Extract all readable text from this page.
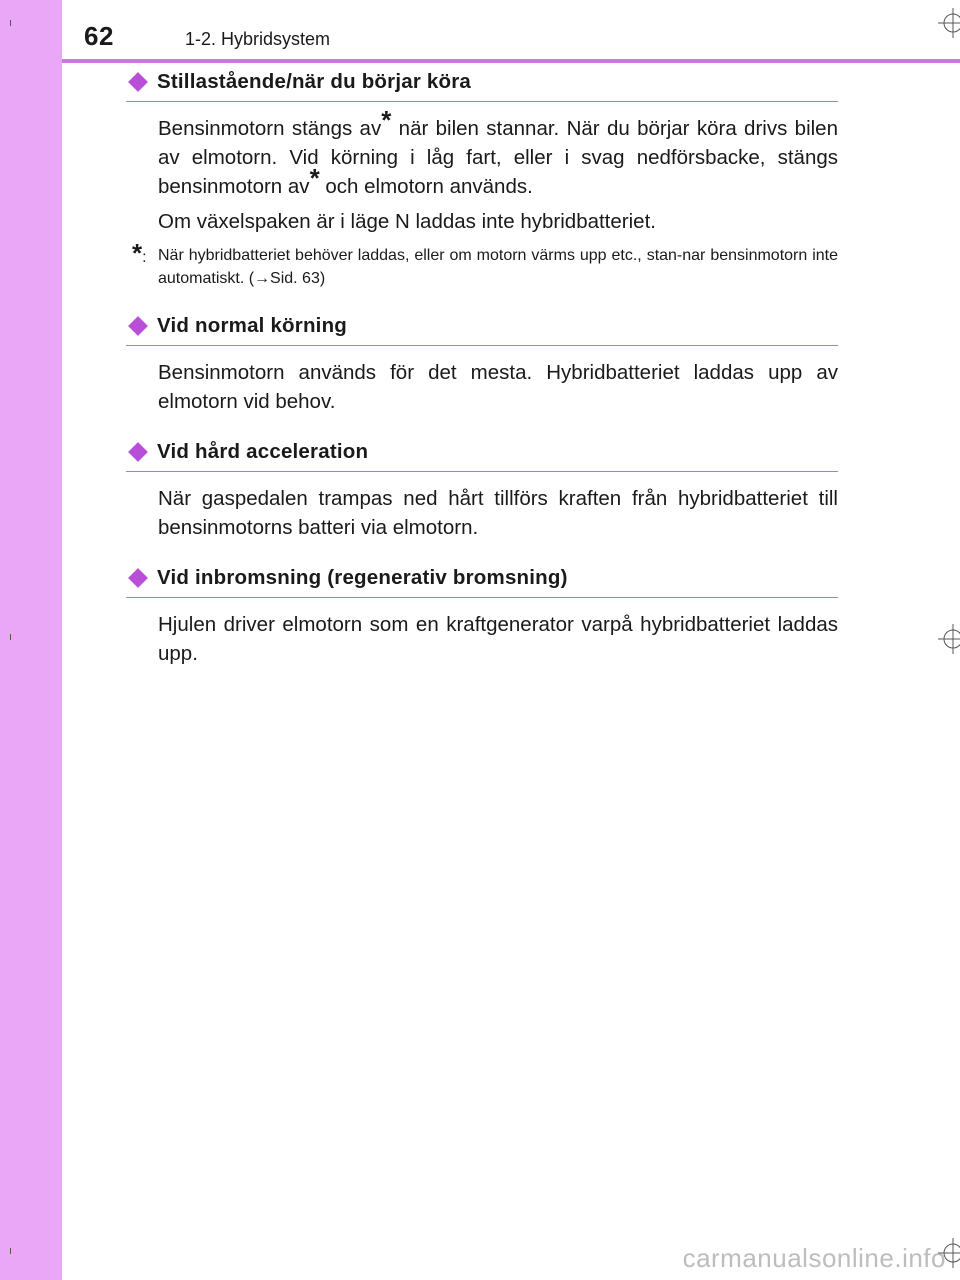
62	1-2. Hybridsystem
Stillastående/när du börjar köra

Bensinmotorn stängs av* när bilen stannar. När du börjar köra drivs bilen av elmotorn. Vid körning i låg fart, eller i svag nedförsbacke, stängs bensinmotorn av* och elmotorn används.

Om växelspaken är i läge N laddas inte hybridbatteriet.

*: När hybridbatteriet behöver laddas, eller om motorn värms upp etc., stan-nar bensinmotorn inte automatiskt. (→Sid. 63)
Vid normal körning

Bensinmotorn används för det mesta. Hybridbatteriet laddas upp av elmotorn vid behov.

Vid hård acceleration

När gaspedalen trampas ned hårt tillförs kraften från hybridbatteriet till bensinmotorns batteri via elmotorn.

Vid inbromsning (regenerativ bromsning)

Hjulen driver elmotorn som en kraftgenerator varpå hybridbatteriet laddas upp.

carmanualsonline.info
